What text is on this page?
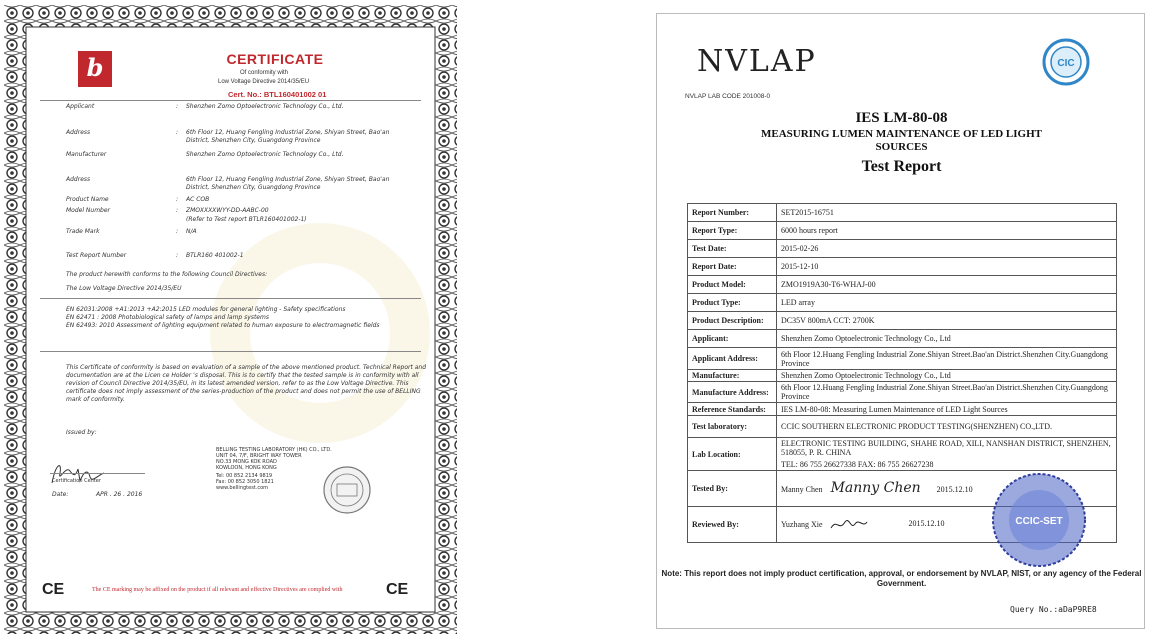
b	CERTIFICATE
Of conformity with
Low Voltage Directive 2014/35/EU
Cert. No.: BTL160401002 01
Applicant	: Shenzhen Zomo Optoelectronic Technology Co., Ltd.
Address	: 6th Floor 12, Huang Fengling Industrial Zone, Shiyan Street, Bao'an District, Shenzhen City, Guangdong Province
Manufacturer	Shenzhen Zomo Optoelectronic Technology Co., Ltd.
Address	6th Floor 12, Huang Fengling Industrial Zone, Shiyan Street, Bao'an District, Shenzhen City, Guangdong Province
Product Name	: AC COB
Model Number	: ZMOXXXXWYY-DD-AABC-00
(Refer to Test report BTLR160401002-1)
Trade Mark	: N/A
Test Report Number	: BTLR160 401002-1
The product herewith conforms to the following Council Directives:
The Low Voltage Directive 2014/35/EU
EN 62031:2008 +A1:2013 +A2:2015 LED modules for general lighting - Safety specifications
EN 62471 : 2008 Photobiological safety of lamps and lamp systems
EN 62493: 2010 Assessment of lighting equipment related to human exposure to electromagnetic fields
This Certificate of conformity is based on evaluation of a sample of the above mentioned product. Technical Report and documentation are at the Licen ce Holder 's disposal. This is to certify that the tested sample is in conformity with all revision of Council Directive 2014/35/EU, in its latest amended version, refer to as the Low Voltage Directive. This certificate does not imply assessment of the series-production of the product and does not permit the use of BELLING mark of conformity.
Issued by:
BELLING TESTING LABORATORY (HK) CO., LTD.
UNIT 04, 7/F, BRIGHT WAY TOWER
NO.33 MONG KOK ROAD
KOWLOON, HONG KONG
Tel: 00 852 2134 9819
Fax: 00 852 3050 1821
www.bellingtest.com
Certification Center
Date:	APR . 26 . 2016
CE	The CE marking may be affixed on the product if all relevant and effective Directives are complied with	CE
NVLAP
NVLAP LAB CODE 201008-0
CIC
IES LM-80-08
MEASURING LUMEN MAINTENANCE OF LED LIGHT
SOURCES
Test Report
Report Number:	SET2015-16751
Report Type:	6000 hours report
Test Date:	2015-02-26
Report Date:	2015-12-10
Product Model:	ZMO1919A30-T6-WHAJ-00
Product Type:	LED array
Product Description:	DC35V 800mA CCT: 2700K
Applicant:	Shenzhen Zomo Optoelectronic Technology Co., Ltd
Applicant Address:	6th Floor 12.Huang Fengling Industrial Zone.Shiyan Street.Bao'an District.Shenzhen City.Guangdong Province
Manufacture:	Shenzhen Zomo Optoelectronic Technology Co., Ltd
Manufacture Address:	6th Floor 12.Huang Fengling Industrial Zone.Shiyan Street.Bao'an District.Shenzhen City.Guangdong Province
Reference Standards:	IES LM-80-08: Measuring Lumen Maintenance of LED Light Sources
Test laboratory:	CCIC SOUTHERN ELECTRONIC PRODUCT TESTING(SHENZHEN) CO.,LTD.
Lab Location:	ELECTRONIC TESTING BUILDING, SHAHE ROAD, XILI, NANSHAN DISTRICT, SHENZHEN, 518055, P. R. CHINA
TEL: 86 755 26627338 FAX: 86 755 26627238

Tested By:	Manny Chen Manny Chen 2015.12.10
Reviewed By:	Yuzhang Xie 2015.12.10	CCIC-SET
Note: This report does not imply product certification, approval, or endorsement by NVLAP, NIST, or any agency of the Federal Government.
Query No.:aDaP9RE8
